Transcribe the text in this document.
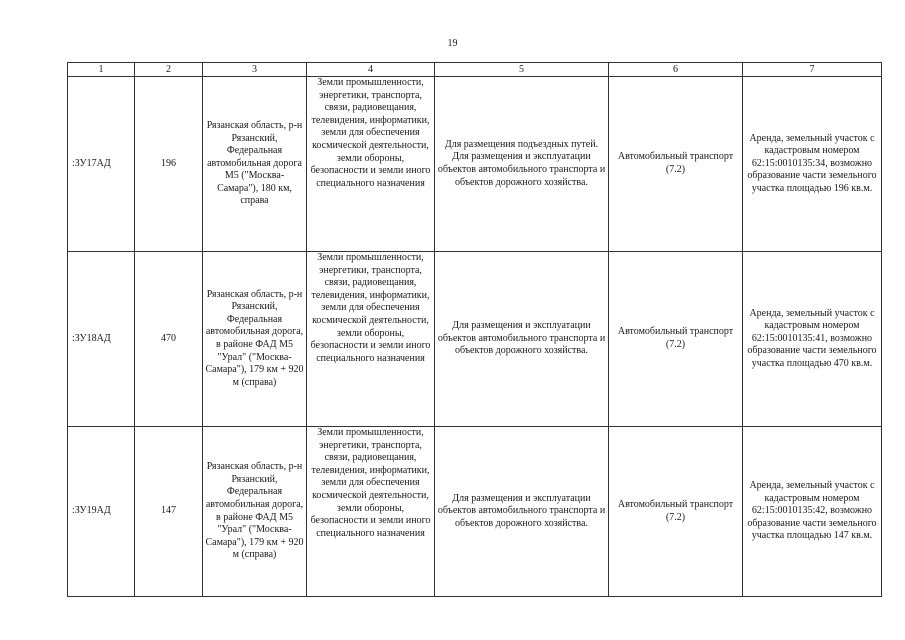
19
1	2	3	4	5	6	7
:ЗУ17АД	196	Рязанская область, р-н Рязанский, Федеральная автомобильная дорога М5 ("Москва-Самара"), 180 км, справа	Земли промышленности, энергетики, транспорта, связи, радиовещания, телевидения, информатики, земли для обеспечения космической деятельности, земли обороны, безопасности и земли иного специального назначения	Для размещения подъездных путей. Для размещения и эксплуатации объектов автомобильного транспорта и объектов дорожного хозяйства.	Автомобильный транспорт (7.2)	Аренда, земельный участок с кадастровым номером 62:15:0010135:34, возможно образование части земельного участка площадью 196 кв.м.
:ЗУ18АД	470	Рязанская область, р-н Рязанский, Федеральная автомобильная дорога, в районе ФАД М5 "Урал" ("Москва-Самара"), 179 км + 920 м (справа)	Земли промышленности, энергетики, транспорта, связи, радиовещания, телевидения, информатики, земли для обеспечения космической деятельности, земли обороны, безопасности и земли иного специального назначения	Для размещения и эксплуатации объектов автомобильного транспорта и объектов дорожного хозяйства.	Автомобильный транспорт (7.2)	Аренда, земельный участок с кадастровым номером 62:15:0010135:41, возможно образование части земельного участка площадью 470 кв.м.
:ЗУ19АД	147	Рязанская область, р-н Рязанский, Федеральная автомобильная дорога, в районе ФАД М5 "Урал" ("Москва-Самара"), 179 км + 920 м (справа)	Земли промышленности, энергетики, транспорта, связи, радиовещания, телевидения, информатики, земли для обеспечения космической деятельности, земли обороны, безопасности и земли иного специального назначения	Для размещения и эксплуатации объектов автомобильного транспорта и объектов дорожного хозяйства.	Автомобильный транспорт (7.2)	Аренда, земельный участок с кадастровым номером 62:15:0010135:42, возможно образование части земельного участка площадью 147 кв.м.
